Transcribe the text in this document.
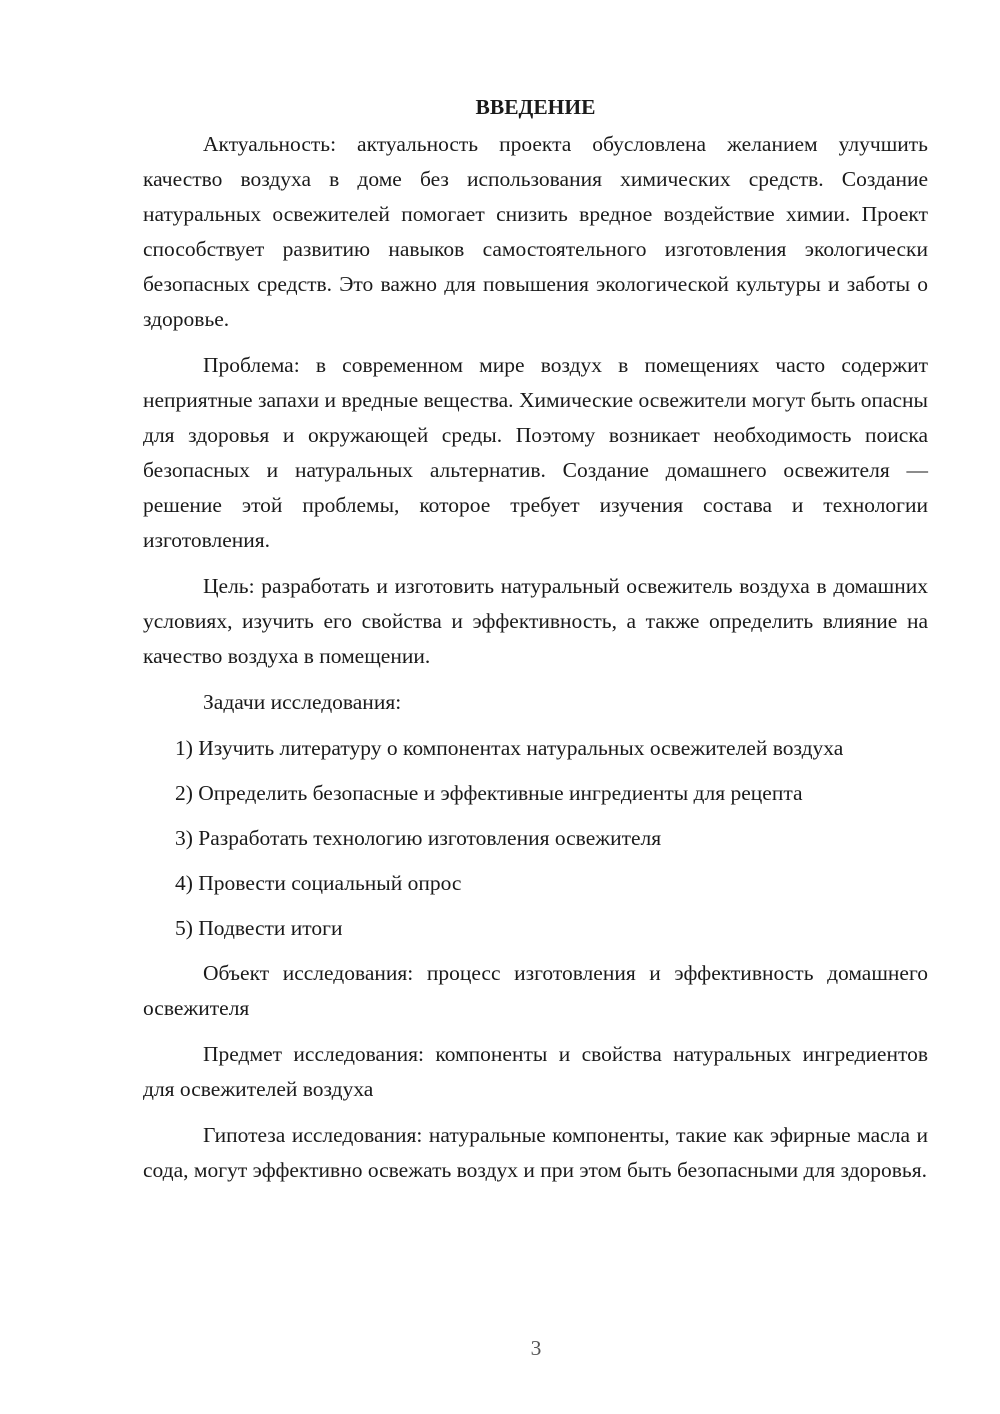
ВВЕДЕНИЕ

Актуальность: актуальность проекта обусловлена желанием улучшить качество воздуха в доме без использования химических средств. Создание натуральных освежителей помогает снизить вредное воздействие химии. Проект способствует развитию навыков самостоятельного изготовления экологически безопасных средств. Это важно для повышения экологической культуры и заботы о здоровье.

Проблема: в современном мире воздух в помещениях часто содержит неприятные запахи и вредные вещества. Химические освежители могут быть опасны для здоровья и окружающей среды. Поэтому возникает необходимость поиска безопасных и натуральных альтернатив. Создание домашнего освежителя — решение этой проблемы, которое требует изучения состава и технологии изготовления.

Цель: разработать и изготовить натуральный освежитель воздуха в домашних условиях, изучить его свойства и эффективность, а также определить влияние на качество воздуха в помещении.

Задачи исследования:

1) Изучить литературу о компонентах натуральных освежителей воздуха

2) Определить безопасные и эффективные ингредиенты для рецепта

3) Разработать технологию изготовления освежителя

4) Провести социальный опрос

5) Подвести итоги

Объект исследования: процесс изготовления и эффективность домашнего освежителя

Предмет исследования: компоненты и свойства натуральных ингредиентов для освежителей воздуха

Гипотеза исследования: натуральные компоненты, такие как эфирные масла и сода, могут эффективно освежать воздух и при этом быть безопасными для здоровья.

3
